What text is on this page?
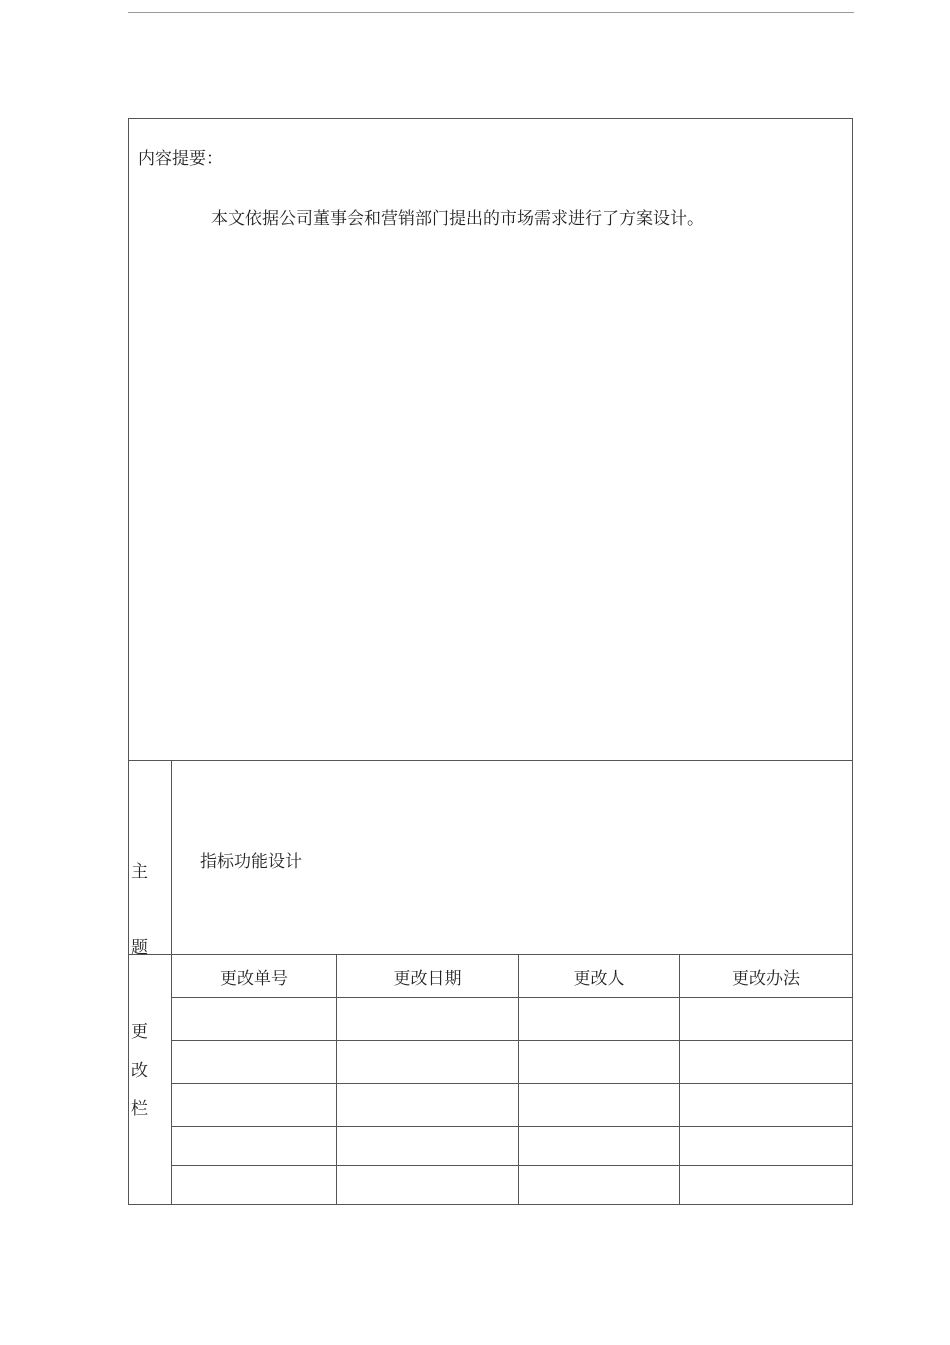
内容提要：
本文依据公司董事会和营销部门提出的市场需求进行了方案设计。				

主
题	指标功能设计			

更
改
栏	更改单号	更改日期	更改人	更改办法
